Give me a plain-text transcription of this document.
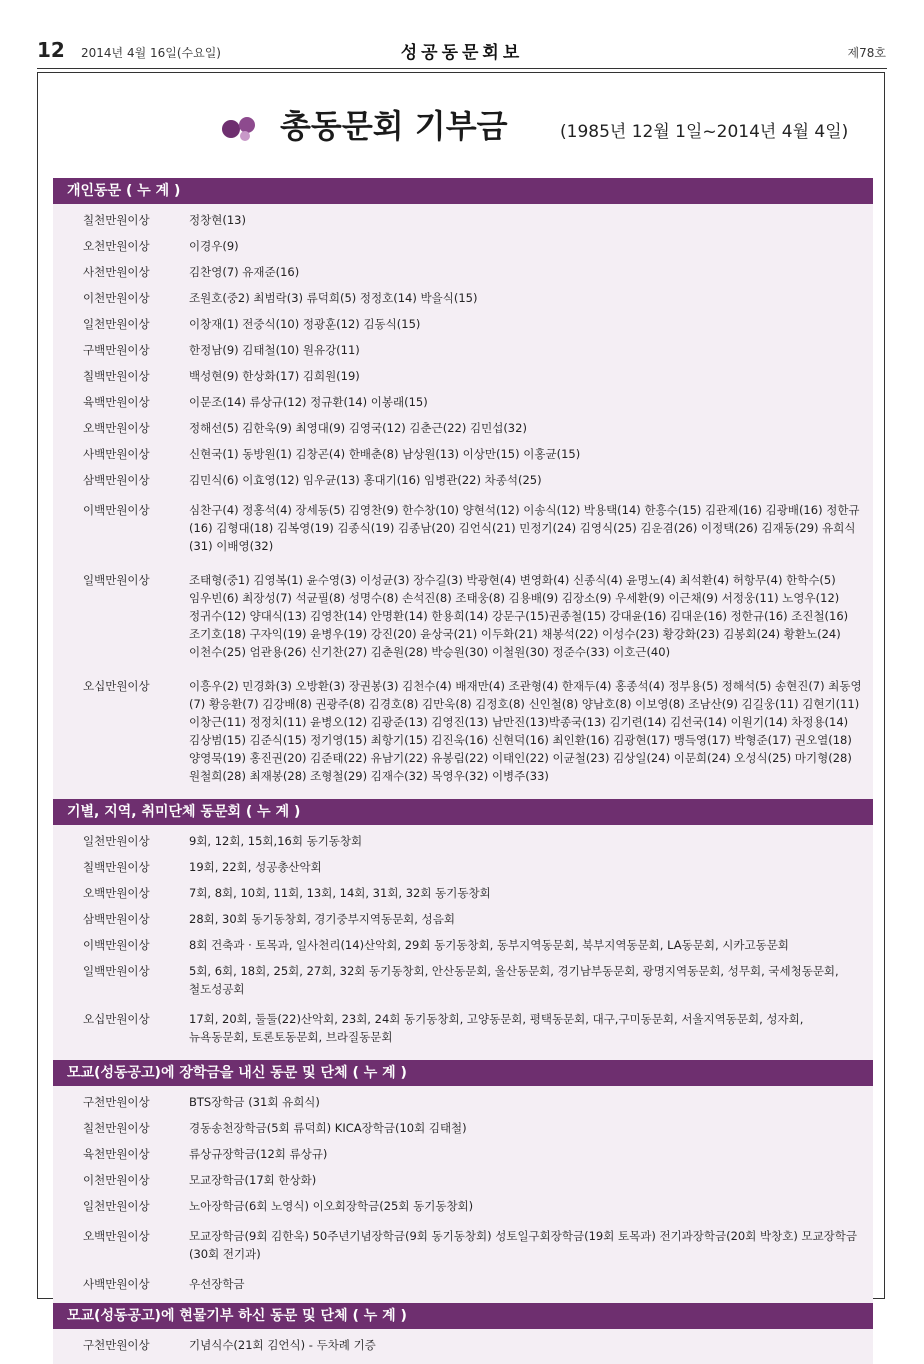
12 2014년 4월 16일(수요일)	성공동문회보	제78호
총동문회 기부금	(1985년 12월 1일~2014년 4월 4일)
개인동문 ( 누 계 )
칠천만원이상	정창현(13)
오천만원이상	이경우(9)
사천만원이상	김찬영(7) 유재준(16)
이천만원이상	조원호(중2) 최범락(3) 류덕희(5) 정정호(14) 박을식(15)
일천만원이상	이창재(1) 전중식(10) 정광훈(12) 김동식(15)
구백만원이상	한정남(9) 김태철(10) 원유강(11)
칠백만원이상	백성현(9) 한상화(17) 김희원(19)
육백만원이상	이문조(14) 류상규(12) 정규환(14) 이봉래(15)
오백만원이상	정해선(5) 김한욱(9) 최영대(9) 김영국(12) 김춘근(22) 김민섭(32)
사백만원이상	신현국(1) 동방원(1) 김창곤(4) 한배춘(8) 남상원(13) 이상만(15) 이홍균(15)
삼백만원이상	김민식(6) 이효영(12) 임우균(13) 홍대기(16) 임병관(22) 차종석(25)
이백만원이상	심찬구(4) 정홍석(4) 장세동(5) 김영찬(9) 한수창(10) 양현석(12) 이송식(12) 박용택(14) 한흥수(15) 김관제(16) 김광배(16) 정한규(16) 김형대(18) 김복영(19) 김종식(19) 김종남(20) 김언식(21) 민정기(24) 김영식(25) 김운겸(26) 이정택(26) 김재동(29) 유희식(31) 이배영(32)
일백만원이상	조태형(중1) 김영복(1) 윤수영(3) 이성균(3) 장수길(3) 박광현(4) 변영화(4) 신종식(4) 윤명노(4) 최석환(4) 허항무(4) 한학수(5) 임우빈(6) 최장성(7) 석균필(8) 성명수(8) 손석진(8) 조태웅(8) 김용배(9) 김장소(9) 우세환(9) 이근채(9) 서정웅(11) 노영우(12) 정귀수(12) 양대식(13) 김영찬(14) 안명환(14) 한용희(14) 강문구(15)권종철(15) 강대윤(16) 김대운(16) 정한규(16) 조진철(16) 조기호(18) 구자익(19) 윤병우(19) 강진(20) 윤상국(21) 이두화(21) 채봉석(22) 이성수(23) 황강화(23) 김봉회(24) 황환노(24) 이천수(25) 엄관용(26) 신기찬(27) 김춘원(28) 박승원(30) 이철원(30) 정준수(33) 이호근(40)
오십만원이상	이흥우(2) 민경화(3) 오방환(3) 장권봉(3) 김천수(4) 배재만(4) 조관형(4) 한재두(4) 홍종석(4) 정부용(5) 정해석(5) 송현진(7) 최동영(7) 황응환(7) 김강배(8) 권광주(8) 김경호(8) 김만욱(8) 김정호(8) 신인철(8) 양남호(8) 이보영(8) 조남산(9) 김길웅(11) 김현기(11) 이창근(11) 정정치(11) 윤병오(12) 김광준(13) 김영진(13) 남만진(13)박종국(13) 김기련(14) 김선국(14) 이원기(14) 차정용(14) 김상범(15) 김준식(15) 정기영(15) 최항기(15) 김진욱(16) 신현덕(16) 최인환(16) 김광현(17) 맹득영(17) 박형준(17) 권오열(18) 양영묵(19) 홍진권(20) 김준태(22) 유남기(22) 유봉림(22) 이태인(22) 이균철(23) 김상일(24) 이문희(24) 오성식(25) 마기형(28) 원철희(28) 최재봉(28) 조형철(29) 김재수(32) 목영우(32) 이병주(33)
기별, 지역, 취미단체 동문회 ( 누 계 )
일천만원이상	9회, 12회, 15회,16회 동기동창회
칠백만원이상	19회, 22회, 성공총산악회
오백만원이상	7회, 8회, 10회, 11회, 13회, 14회, 31회, 32회 동기동창회
삼백만원이상	28회, 30회 동기동창회, 경기중부지역동문회, 성음회
이백만원이상	8회 건축과 · 토목과, 일사천리(14)산악회, 29회 동기동창회, 동부지역동문회, 북부지역동문회, LA동문회, 시카고동문회
일백만원이상	5회, 6회, 18회, 25회, 27회, 32회 동기동창회, 안산동문회, 울산동문회, 경기남부동문회, 광명지역동문회, 성무회, 국세청동문회, 철도성공회
오십만원이상	17회, 20회, 둘둘(22)산악회, 23회, 24회 동기동창회, 고양동문회, 평택동문회, 대구,구미동문회, 서울지역동문회, 성자회, 뉴욕동문회, 토론토동문회, 브라질동문회
모교(성동공고)에 장학금을 내신 동문 및 단체 ( 누 계 )
구천만원이상	BTS장학금 (31회 유희식)
칠천만원이상	경동송천장학금(5회 류덕희) KICA장학금(10회 김태철)
육천만원이상	류상규장학금(12회 류상규)
이천만원이상	모교장학금(17회 한상화)
일천만원이상	노아장학금(6회 노영식) 이오회장학금(25회 동기동창회)
오백만원이상	모교장학금(9회 김한욱) 50주년기념장학금(9회 동기동창회) 성토일구회장학금(19회 토목과) 전기과장학금(20회 박창호) 모교장학금(30회 전기과)
사백만원이상	우선장학금
모교(성동공고)에 현물기부 하신 동문 및 단체 ( 누 계 )
구천만원이상	기념식수(21회 김언식) - 두차례 기증
